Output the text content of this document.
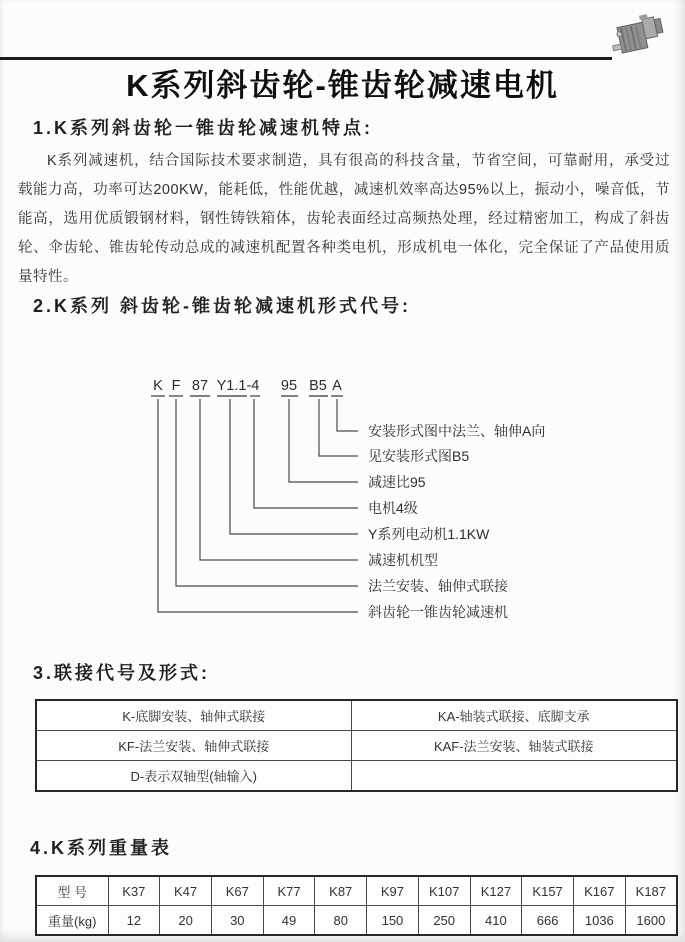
K系列斜齿轮-锥齿轮减速电机
1.K系列斜齿轮一锥齿轮减速机特点:
K系列减速机，结合国际技术要求制造，具有很高的科技含量，节省空间，可靠耐用，承受过载能力高，功率可达200KW，能耗低，性能优越，减速机效率高达95%以上，振动小，噪音低，节能高，选用优质锻钢材料，钢性铸铁箱体，齿轮表面经过高频热处理，经过精密加工，构成了斜齿轮、伞齿轮、锥齿轮传动总成的减速机配置各种类电机，形成机电一体化，完全保证了产品使用质量特性。
2.K系列 斜齿轮-锥齿轮减速机形式代号:
K F 87 Y1.1-4 95 B5 A
安装形式图中法兰、轴伸A向
见安装形式图B5
减速比95
电机4级
Y系列电动机1.1KW
减速机机型
法兰安装、轴伸式联接
斜齿轮一锥齿轮减速机
3.联接代号及形式:
K-底脚安装、轴伸式联接	KA-轴装式联接、底脚支承
KF-法兰安装、轴伸式联接	KAF-法兰安装、轴装式联接
D-表示双轴型(轴输入)	
4.K系列重量表
型 号	K37	K47	K67	K77	K87	K97	K107	K127	K157	K167	K187
重量(kg)	12	20	30	49	80	150	250	410	666	1036	1600
